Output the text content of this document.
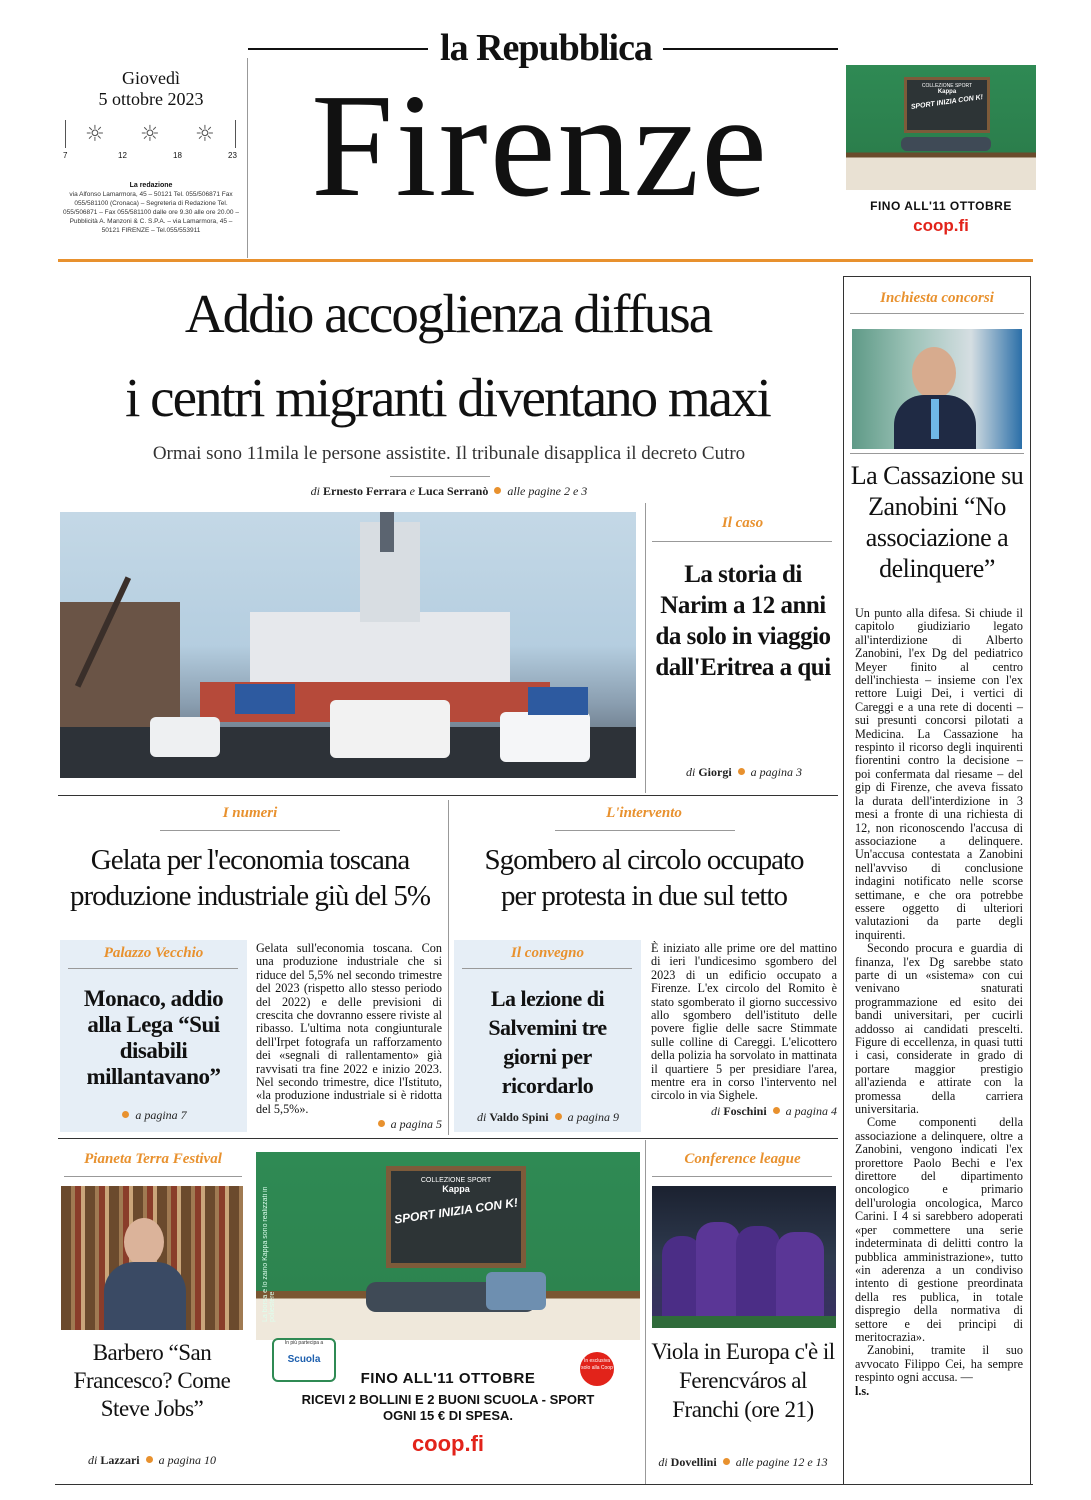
la Repubblica
Firenze
Giovedì
5 ottobre 2023
☼ ☼ ☼
7	12	18	23
La redazione
via Alfonso Lamarmora, 45 – 50121 Tel. 055/506871 Fax 055/581100 (Cronaca) – Segreteria di Redazione Tel. 055/506871 – Fax 055/581100 dalle ore 9.30 alle ore 20.00 – Pubblicità A. Manzoni & C. S.P.A. – via Lamarmora, 45 – 50121 FIRENZE – Tel.055/553911
COLLEZIONE SPORT
Kappa
SPORT INIZIA CON K!
FINO ALL'11 OTTOBRE
coop.fi
Inchiesta concorsi
La Cassazione su Zanobini “No associazione a delinquere”

Un punto alla difesa. Si chiude il capitolo giudiziario legato all'interdizione di Alberto Zanobini, l'ex Dg del pediatrico Meyer finito al centro dell'inchiesta – insieme con l'ex rettore Luigi Dei, i vertici di Careggi e a una rete di docenti – sui presunti concorsi pilotati a Medicina. La Cassazione ha respinto il ricorso degli inquirenti fiorentini contro la decisione – poi confermata dal riesame – del gip di Firenze, che aveva fissato la durata dell'interdizione in 3 mesi a fronte di una richiesta di 12, non riconoscendo l'accusa di associazione a delinquere. Un'accusa contestata a Zanobini nell'avviso di conclusione indagini notificato nelle scorse settimane, e che ora potrebbe essere oggetto di ulteriori valutazioni da parte degli inquirenti.

Secondo procura e guardia di finanza, l'ex Dg sarebbe stato parte di un «sistema» con cui venivano snaturati programmazione ed esito dei bandi universitari, per cucirli addosso ai candidati prescelti. Figure di eccellenza, in quasi tutti i casi, considerate in grado di portare maggior prestigio all'azienda e attirate con la promessa della carriera universitaria.

Come componenti della associazione a delinquere, oltre a Zanobini, vengono indicati l'ex prorettore Paolo Bechi e l'ex direttore del dipartimento oncologico e primario dell'urologia oncologica, Marco Carini. I 4 si sarebbero adoperati «per commettere una serie indeterminata di delitti contro la pubblica amministrazione», tutto «in aderenza a un condiviso intento di gestione preordinata della res publica, in totale dispregio della normativa di settore e dei principi di meritocrazia».

Zanobini, tramite il suo avvocato Filippo Cei, ha sempre respinto ogni accusa. —

l.s.

Addio accoglienza diffusa
i centri migranti diventano maxi
Ormai sono 11mila le persone assistite. Il tribunale disapplica il decreto Cutro
di Ernesto Ferrara e Luca Serranò alle pagine 2 e 3
Il caso
La storia di Narim a 12 anni da solo in viaggio dall'Eritrea a qui
di Giorgi a pagina 3
I numeri
Gelata per l'economia toscana
produzione industriale giù del 5%
Palazzo Vecchio
Monaco, addio alla Lega “Sui disabili millantavano”
a pagina 7

Gelata sull'economia toscana. Con una produzione industriale che si riduce del 5,5% nel secondo trimestre del 2023 (rispetto allo stesso periodo del 2022) e delle previsioni di crescita che dovranno essere riviste al ribasso. L'ultima nota congiunturale dell'Irpet fotografa un rafforzamento dei «segnali di rallentamento» già ravvisati tra fine 2022 e inizio 2023. Nel secondo trimestre, dice l'Istituto, «la produzione industriale si è ridotta del 5,5%».

a pagina 5
L'intervento
Sgombero al circolo occupato
per protesta in due sul tetto
Il convegno
La lezione di Salvemini tre giorni per ricordarlo
di Valdo Spini a pagina 9

È iniziato alle prime ore del mattino di ieri l'undicesimo sgombero del 2023 di un edificio occupato a Firenze. L'ex circolo del Romito è stato sgomberato il giorno successivo allo sgombero dell'istituto delle povere figlie delle sacre Stimmate sulle colline di Careggi. L'elicottero della polizia ha sorvolato in mattinata il quartiere 5 per presidiare l'area, mentre era in corso l'intervento nel circolo in via Sighele.

di Foschini a pagina 4
Pianeta Terra Festival
Barbero “San Francesco? Come Steve Jobs”
di Lazzari a pagina 10
La borsa e lo zaino Kappa sono realizzati in poliestere
COLLEZIONE SPORT
Kappa
SPORT INIZIA CON K!
In più partecipa a
Scuola	In esclusiva solo alla Coop
FINO ALL'11 OTTOBRE
RICEVI 2 BOLLINI E 2 BUONI SCUOLA - SPORT
OGNI 15 € DI SPESA.
coop.fi
Conference league
Viola in Europa c'è il Ferencváros al Franchi (ore 21)
di Dovellini alle pagine 12 e 13
